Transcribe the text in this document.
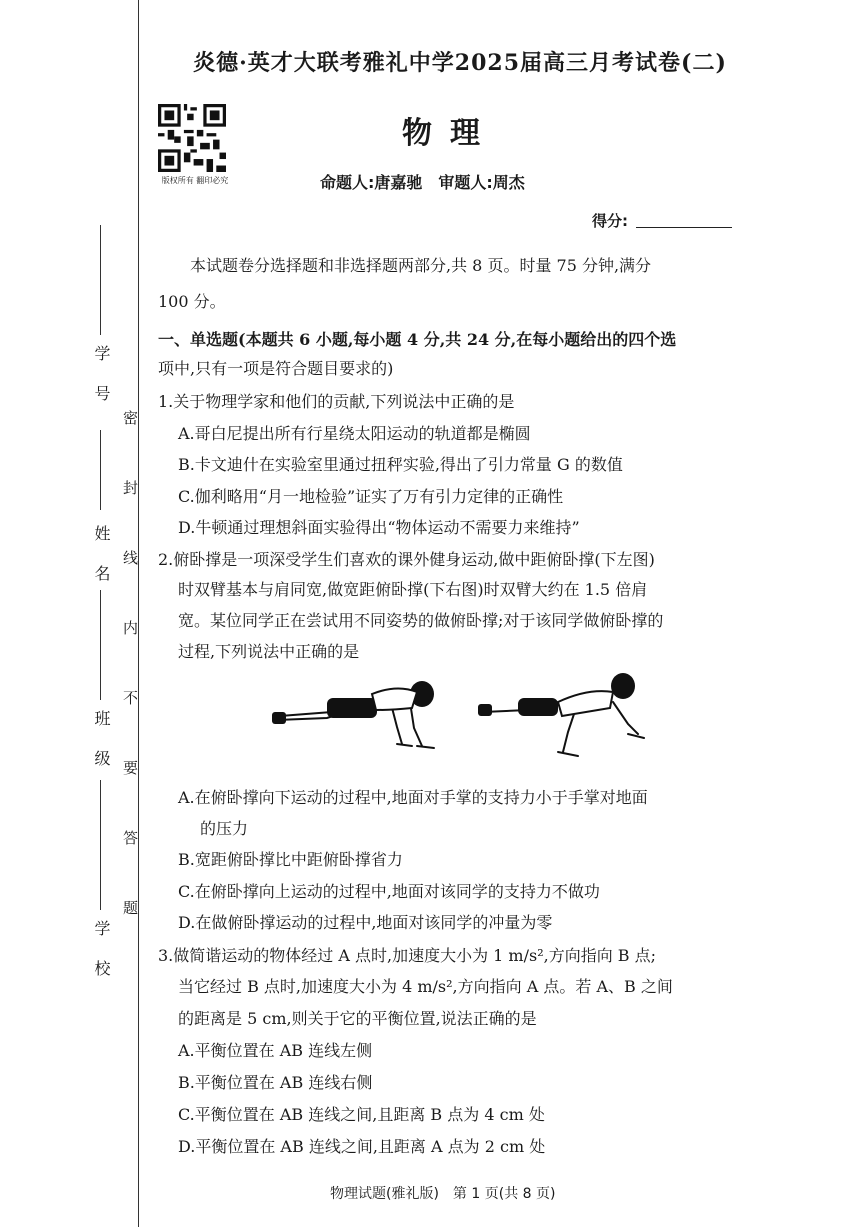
密　封　线　内　不　要　答　题
学　号
姓　名
班　级
学　校
炎德·英才大联考雅礼中学2025届高三月考试卷(二)
版权所有 翻印必究
物理
命题人:唐嘉驰　审题人:周杰
得分:
本试题卷分选择题和非选择题两部分,共 8 页。时量 75 分钟,满分
100 分。
一、单选题(本题共 6 小题,每小题 4 分,共 24 分,在每小题给出的四个选
项中,只有一项是符合题目要求的)
1.关于物理学家和他们的贡献,下列说法中正确的是
A.哥白尼提出所有行星绕太阳运动的轨道都是椭圆
B.卡文迪什在实验室里通过扭秤实验,得出了引力常量 G 的数值
C.伽利略用“月一地检验”证实了万有引力定律的正确性
D.牛顿通过理想斜面实验得出“物体运动不需要力来维持”
2.俯卧撑是一项深受学生们喜欢的课外健身运动,做中距俯卧撑(下左图)
时双臂基本与肩同宽,做宽距俯卧撑(下右图)时双臂大约在 1.5 倍肩
宽。某位同学正在尝试用不同姿势的做俯卧撑;对于该同学做俯卧撑的
过程,下列说法中正确的是
A.在俯卧撑向下运动的过程中,地面对手掌的支持力小于手掌对地面
的压力
B.宽距俯卧撑比中距俯卧撑省力
C.在俯卧撑向上运动的过程中,地面对该同学的支持力不做功
D.在做俯卧撑运动的过程中,地面对该同学的冲量为零
3.做简谐运动的物体经过 A 点时,加速度大小为 1 m/s²,方向指向 B 点;
当它经过 B 点时,加速度大小为 4 m/s²,方向指向 A 点。若 A、B 之间
的距离是 5 cm,则关于它的平衡位置,说法正确的是
A.平衡位置在 AB 连线左侧
B.平衡位置在 AB 连线右侧
C.平衡位置在 AB 连线之间,且距离 B 点为 4 cm 处
D.平衡位置在 AB 连线之间,且距离 A 点为 2 cm 处
物理试题(雅礼版)　第 1 页(共 8 页)
